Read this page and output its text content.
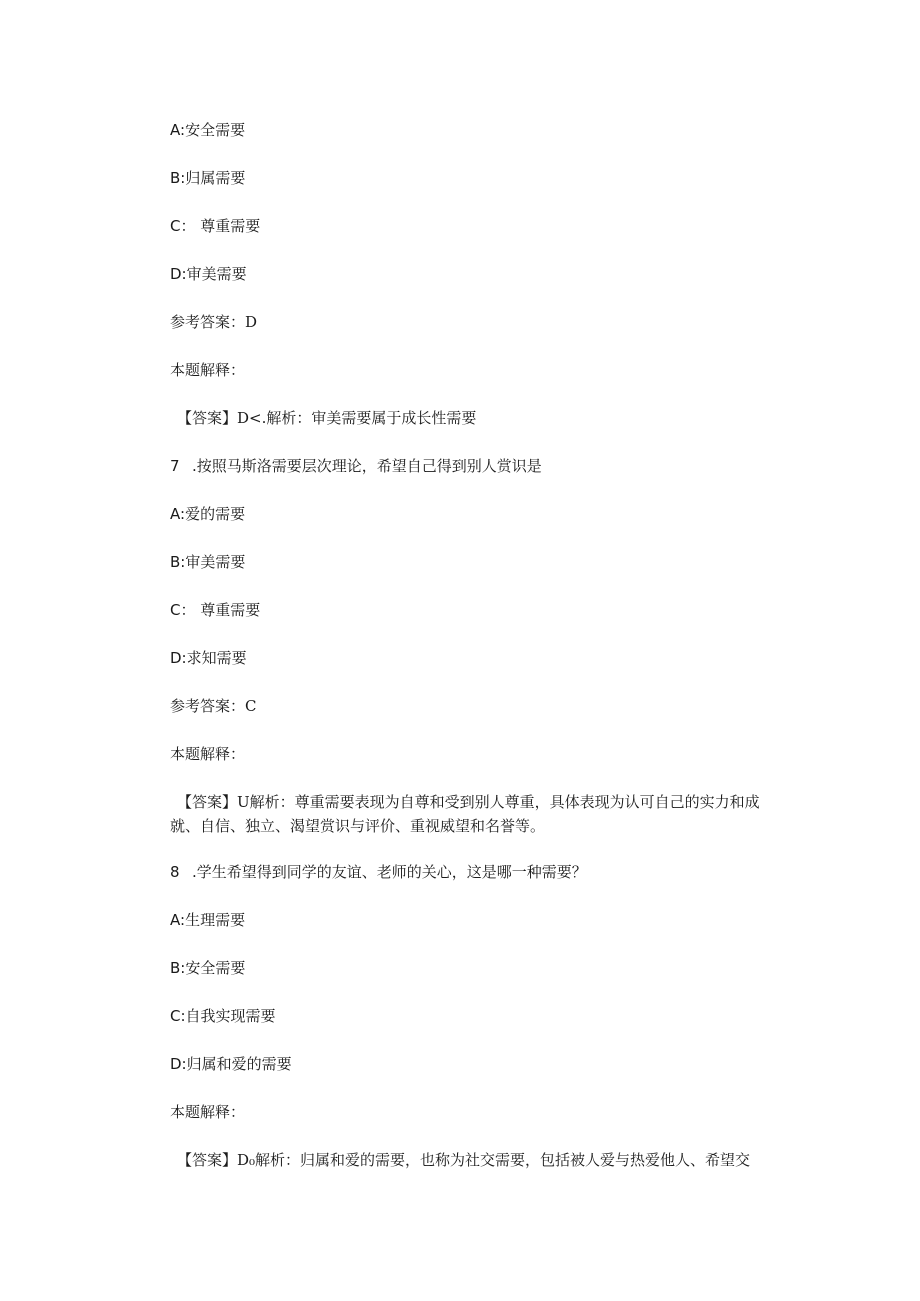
A:安全需要
B:归属需要
C： 尊重需要
D:审美需要
参考答案：D
本题解释：
【答案】D<.解析：审美需要属于成长性需要
7 .按照马斯洛需要层次理论，希望自己得到别人赏识是
A:爱的需要
B:审美需要
C： 尊重需要
D:求知需要
参考答案：C
本题解释：
【答案】U解析：尊重需要表现为自尊和受到别人尊重，具体表现为认可自己的实力和成
就、自信、独立、渴望赏识与评价、重视威望和名誉等。
8 .学生希望得到同学的友谊、老师的关心，这是哪一种需要？
A:生理需要
B:安全需要
C:自我实现需要
D:归属和爱的需要
本题解释：
【答案】D₀解析：归属和爱的需要，也称为社交需要，包括被人爱与热爱他人、希望交
